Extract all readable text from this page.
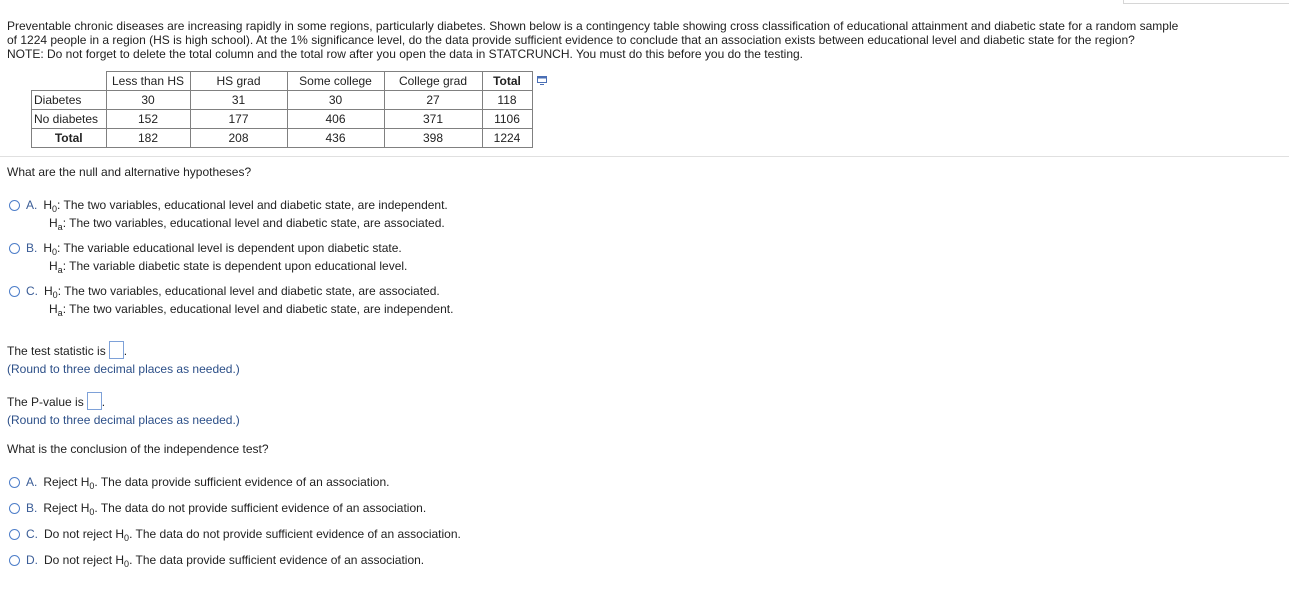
Preventable chronic diseases are increasing rapidly in some regions, particularly diabetes. Shown below is a contingency table showing cross classification of educational attainment and diabetic state for a random sample

of 1224 people in a region (HS is high school). At the 1% significance level, do the data provide sufficient evidence to conclude that an association exists between educational level and diabetic state for the region?

NOTE: Do not forget to delete the total column and the total row after you open the data in STATCRUNCH. You must do this before you do the testing.

	Less than HS	HS grad	Some college	College grad	Total
Diabetes	30	31	30	27	118
No diabetes	152	177	406	371	1106
Total	182	208	436	398	1224
What are the null and alternative hypotheses?
A. $H_0$: The two variables, educational level and diabetic state, are independent.
$H_a$: The two variables, educational level and diabetic state, are associated.
B. $H_0$: The variable educational level is dependent upon diabetic state.
$H_a$: The variable diabetic state is dependent upon educational level.
C. $H_0$: The two variables, educational level and diabetic state, are associated.
$H_a$: The two variables, educational level and diabetic state, are independent.
The test statistic is .
(Round to three decimal places as needed.)
The P-value is .
(Round to three decimal places as needed.)
What is the conclusion of the independence test?
A. Reject $H_0$. The data provide sufficient evidence of an association.
B. Reject $H_0$. The data do not provide sufficient evidence of an association.
C. Do not reject $H_0$. The data do not provide sufficient evidence of an association.
D. Do not reject $H_0$. The data provide sufficient evidence of an association.
